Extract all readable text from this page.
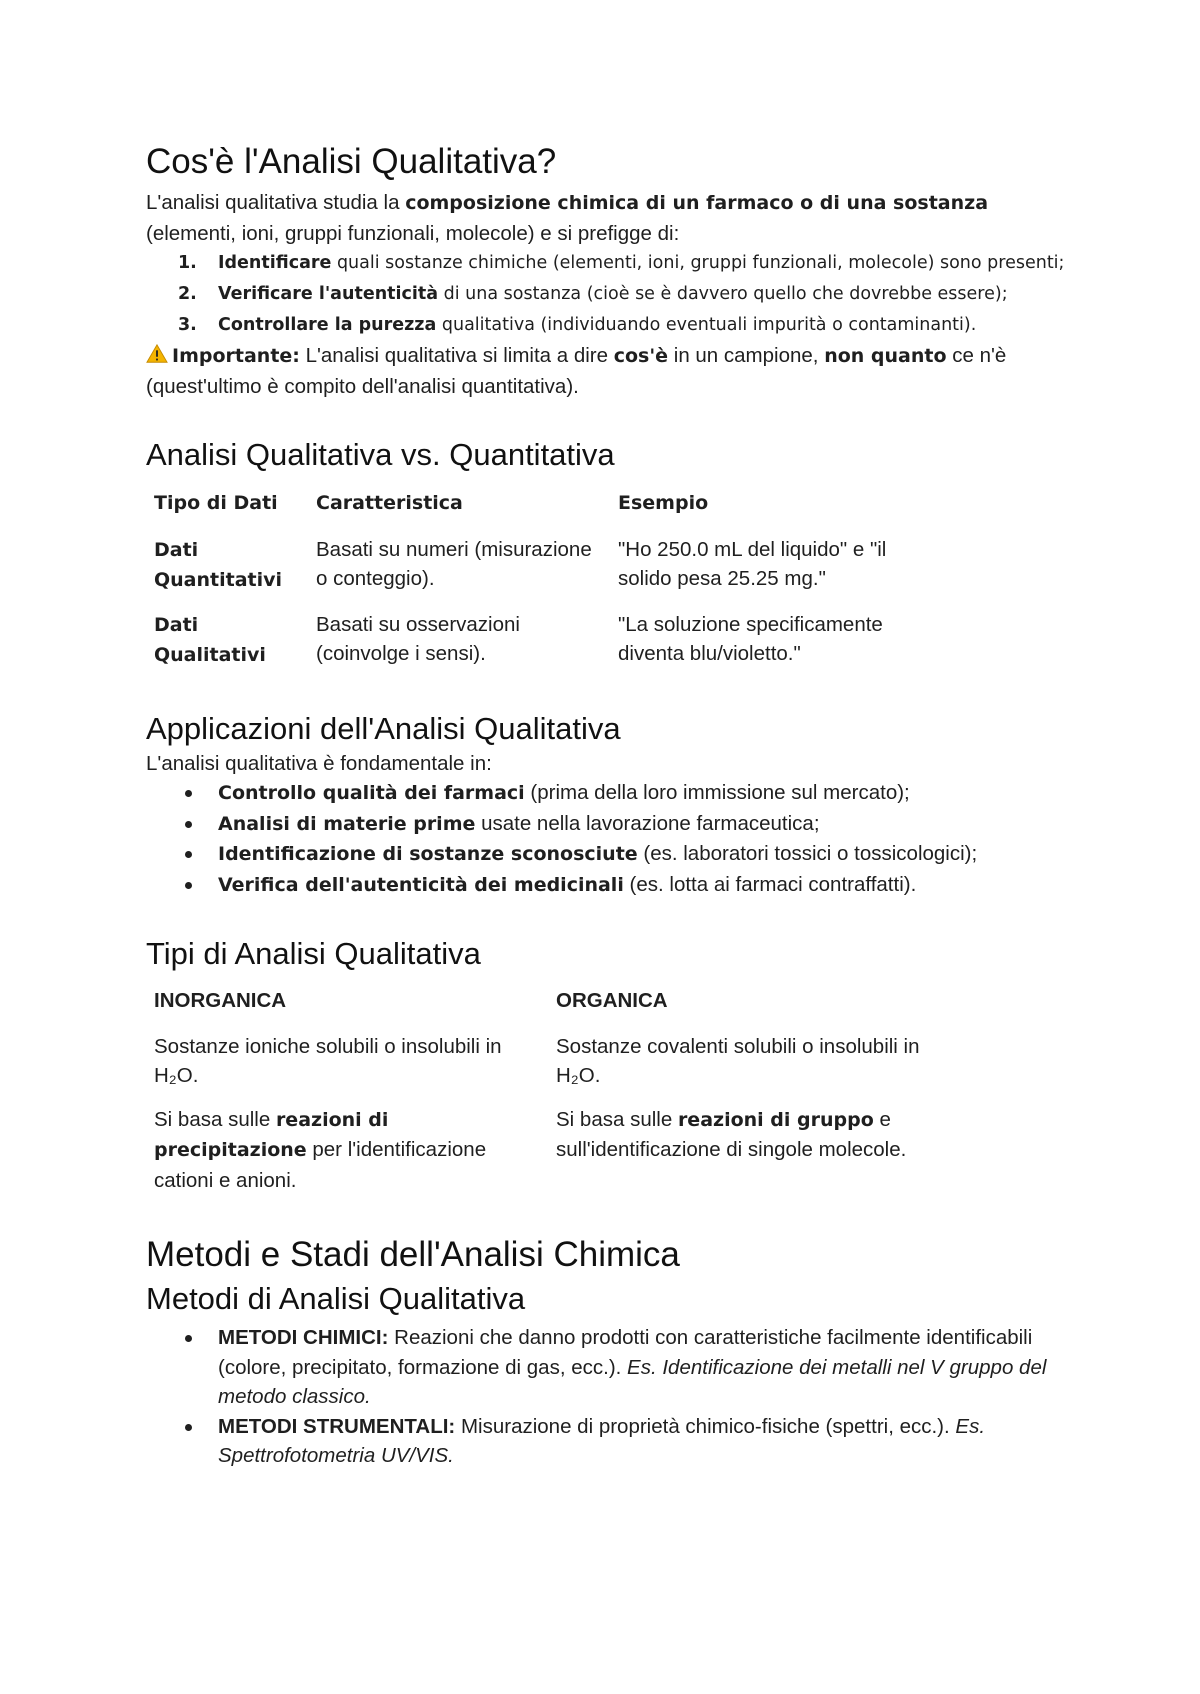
Cos'è l'Analisi Qualitativa?

L'analisi qualitativa studia la composizione chimica di un farmaco o di una sostanza
(elementi, ioni, gruppi funzionali, molecole) e si prefigge di:

1. Identificare quali sostanze chimiche (elementi, ioni, gruppi funzionali, molecole) sono presenti;
2. Verificare l'autenticità di una sostanza (cioè se è davvero quello che dovrebbe essere);
3. Controllare la purezza qualitativa (individuando eventuali impurità o contaminanti).

Importante: L'analisi qualitativa si limita a dire cos'è in un campione, non quanto ce n'è (quest'ultimo è compito dell'analisi quantitativa).

Analisi Qualitativa vs. Quantitativa
Tipo di Dati	Caratteristica	Esempio
Dati Quantitativi	Basati su numeri (misurazione o conteggio).	"Ho 250.0 mL del liquido" e "il solido pesa 25.25 mg."
Dati Qualitativi	Basati su osservazioni (coinvolge i sensi).	"La soluzione specificamente diventa blu/violetto."
Applicazioni dell'Analisi Qualitativa

L'analisi qualitativa è fondamentale in:

Controllo qualità dei farmaci (prima della loro immissione sul mercato);
Analisi di materie prime usate nella lavorazione farmaceutica;
Identificazione di sostanze sconosciute (es. laboratori tossici o tossicologici);
Verifica dell'autenticità dei medicinali (es. lotta ai farmaci contraffatti).
Tipi di Analisi Qualitativa
INORGANICA	ORGANICA
Sostanze ioniche solubili o insolubili in H₂O.	Sostanze covalenti solubili o insolubili in H₂O.
Si basa sulle reazioni di precipitazione per l'identificazione cationi e anioni.	Si basa sulle reazioni di gruppo e sull'identificazione di singole molecole.
Metodi e Stadi dell'Analisi Chimica
Metodi di Analisi Qualitativa
METODI CHIMICI: Reazioni che danno prodotti con caratteristiche facilmente identificabili (colore, precipitato, formazione di gas, ecc.). Es. Identificazione dei metalli nel V gruppo del metodo classico.
METODI STRUMENTALI: Misurazione di proprietà chimico-fisiche (spettri, ecc.). Es. Spettrofotometria UV/VIS.
